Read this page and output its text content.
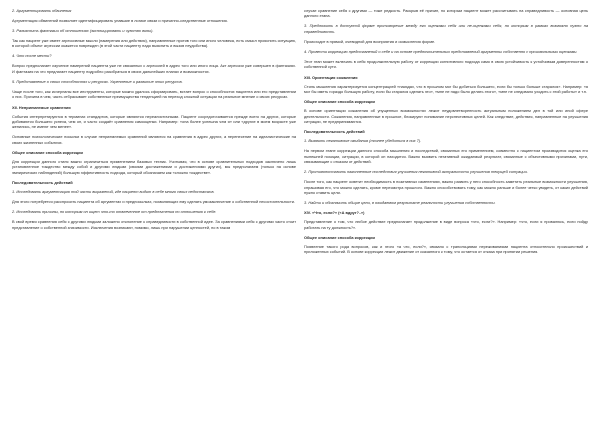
2. Аргументировать обвинения

Аргументация обвинений позволяет идентифицировать упавшие в логике связи и причинно-следственные отношения.

3. Разъяснить фантазии об отношениях (эксплицировать и чувство вины).

Так как пациент уже имеет агрессивные мысли (намерения или действия), направленные против того или иного человека, есть смысл прояснить ситуацию, в которой объект агрессии окажется поврежден (в этой части пациенту надо выяснить и вызов неудобства).

4. Что после мести?

Вопрос предполагает изучение намерений пациента уже не связанных с агрессией в адрес того или иного лица. Акт агрессии уже совершен в фантазиях. И фантазия на что предлагает пациенту подробно разобраться в своих дальнейших планах и возможностях.

5. Представление о своих способностях и ресурсах. Укрепление и развитие этих ресурсов.

Чаще после того, как исчерпаны все инструменты, которые можно удалось сформировать, встает вопрос о способностях пациента или его представлении о них. Причина в чем, часть отбрасывает собственные преимущества тенденцией на переход сложной ситуации на реальное мнение о своих ресурсах.

XII. Неприемлемые сравнения

События интерпретируются в терминах стандартов, которые являются нереалистичными. Пациент сосредоточивается прежде всего на других, которые добиваются большего успеха, чем он, и часто создаёт сравнения самооценки. Например: «она более успешна чем я» или «другие в моем возрасте уже женились, не имеют чем менее».

Основные психологические посылки в случае неприемлемых сравнений являются на сравнения в адрес других, а перенесение на идеалистические на своих жизненных событиях.

Общее описание способа коррекции

Для коррекции данного стиля важно ограничиться применением базовых техник. Учитывая, что в основе сравнительных подходов заключено лишь установленное тождество между собой и другими людьми (своими достижениями и достижениями других), мы предполагаем (только на основе эмпирических наблюдений) большую эффективность подхода, который обозначаем как «сложно тождестве».

Последовательность действий

1. Исследовать аргументацию той части выражений, где пациент видит в себе много своих недостатков.

Для этого потребуется расспросить пациента об аргументах и предпосылках, позволяющих ему сделать умозаключение о собственной несостоятельности.

2. Исследовать причины, по которым он ищет что-то отвлеченное от предпочтения по отношению к себе.

В свой время сравнения себя с другими людьми заложено отклонение к справедливости в собственной идее. За сравнениями себя с другими часто стоит представление о собственной значимости. Исключения возникают, помимо, лишь при нарушении ценностей, но в таком

случае сравнение себя с другими — тоже редкость. Раскрыв её причин, по которым пациент может рассчитывать на справедливость — основная цель данного этапа.

3. Предложить в доступной форме противоречие между его оценками себя или не-оценками себя, по которым в рамках возможно нужно на справедливость.

Происходит в прямой, очевидной для восприятия и осмысления форме.

4. Провести коррекцию представлений о себе и на основе предпочтительных представлений аргументы собственно с произвольными оценками.

Этот этап может включать в себя продолжительную работу от коррекции когнитивного подхода само в свою устойчивость к устойчивым доверенностям о собственной сути.

XIII. Ориентация сожаления

Стиль мышления характеризуется концентрацией «наиздах, что в прошлом мог бы добиться большего, если бы только больше старался». Например: «я мог бы иметь гораздо большую работу, если бы старался сделать это», «мне не надо было делать этого», «мне не следовало уходить с этой работы» и т.п.

Общее описание способа коррекции

В основе ориентации сожаления об упущенных возможностях лежит неудовлетворенность актуальным положением дел в той или иной сфере деятельности. Сожаления, направленные в прошлое, блокируют понимание перспективных целей. Как следствие, действия, направленные на улучшения ситуации, не предпринимаются.

Последовательность действий

1. Выявить негативные ожидания (точнее убедиться в них 7).

На первом этапе коррекции данного способа мышления и последствий, связанных его применением, совместно с пациентом производится оценка его нынешней позиции, ситуации, в которой он находится. Важно выявить негативный ожидаемый результат, связанные с объективными причинами, пути, связывающие с отказом от действий.

2. Противопоставить накопленные последствия улучшения негативной актуальности улучшения текущей ситуации.

После того, как пациент осветит необходимость в позитивных изменениях, важно развить у него способность заметить реальные возможности улучшения, спрашивая его, что можно сделать, кроме пересмотра прошлого. Важно способствовать тому, как можно раньше и более четко увидеть, от каких действий нужно ставить цели.

3. Найти и обозначить общие цели, в ожидаемом результате реальности улучшения собственности.

XIV. «Что, если?» («А вдруг?..»)

Представление о том, что любое действие предполагает продолжение в виде вопроса «что, если?». Например: «что, если я провалюсь, если пойду работать на ту должность?».

Общее описание способа коррекции

Появление такого рода вопросов, как и этого «а что, если?», связано с трансляциями переживаниями пациента относительно происшествий и приложенных событий. В основе коррекции лежит движение от сказанного к тому, что остается от отказа при принятии решения.
